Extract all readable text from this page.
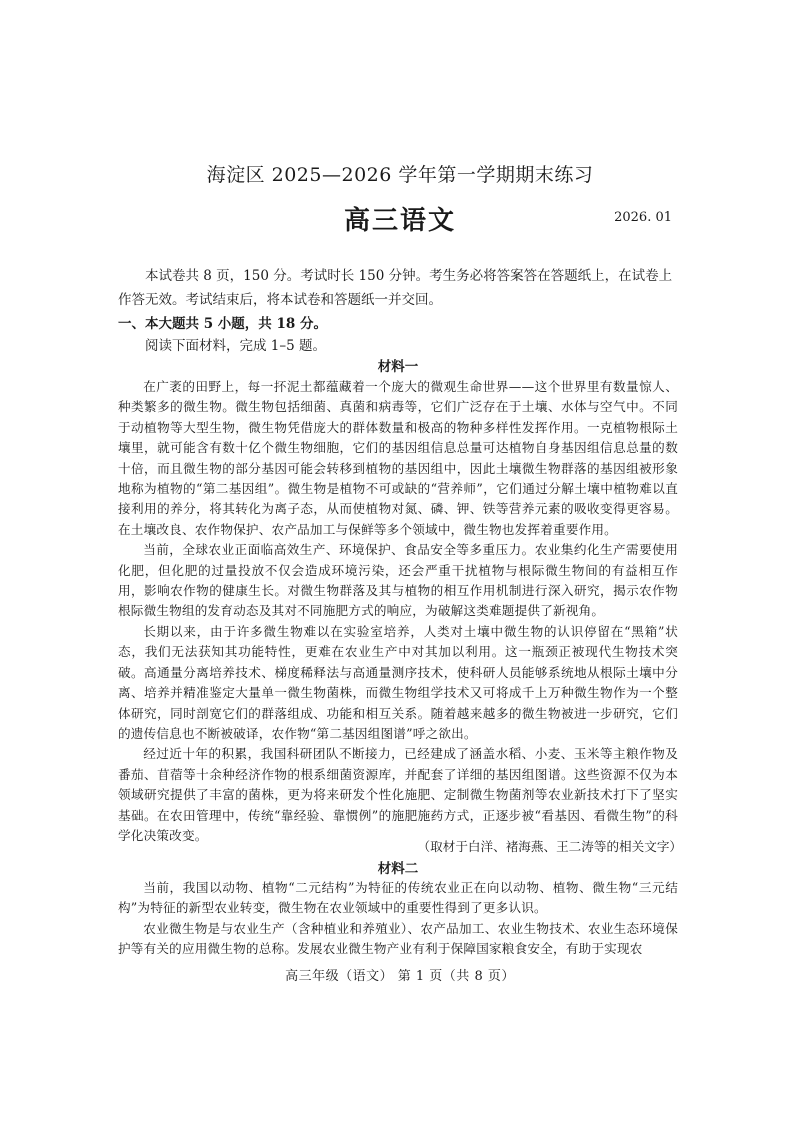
海淀区 2025—2026 学年第一学期期末练习
高三语文	2026. 01
本试卷共 8 页，150 分。考试时长 150 分钟。考生务必将答案答在答题纸上，在试卷上作答无效。考试结束后，将本试卷和答题纸一并交回。
一、本大题共 5 小题，共 18 分。
阅读下面材料，完成 1–5 题。
材料一

在广袤的田野上，每一抔泥土都蕴藏着一个庞大的微观生命世界——这个世界里有数量惊人、种类繁多的微生物。微生物包括细菌、真菌和病毒等，它们广泛存在于土壤、水体与空气中。不同于动植物等大型生物，微生物凭借庞大的群体数量和极高的物种多样性发挥作用。一克植物根际土壤里，就可能含有数十亿个微生物细胞，它们的基因组信息总量可达植物自身基因组信息总量的数十倍，而且微生物的部分基因可能会转移到植物的基因组中，因此土壤微生物群落的基因组被形象地称为植物的“第二基因组”。微生物是植物不可或缺的“营养师”，它们通过分解土壤中植物难以直接利用的养分，将其转化为离子态，从而使植物对氮、磷、钾、铁等营养元素的吸收变得更容易。在土壤改良、农作物保护、农产品加工与保鲜等多个领域中，微生物也发挥着重要作用。

当前，全球农业正面临高效生产、环境保护、食品安全等多重压力。农业集约化生产需要使用化肥，但化肥的过量投放不仅会造成环境污染，还会严重干扰植物与根际微生物间的有益相互作用，影响农作物的健康生长。对微生物群落及其与植物的相互作用机制进行深入研究，揭示农作物根际微生物组的发育动态及其对不同施肥方式的响应，为破解这类难题提供了新视角。

长期以来，由于许多微生物难以在实验室培养，人类对土壤中微生物的认识停留在“黑箱”状态，我们无法获知其功能特性，更难在农业生产中对其加以利用。这一瓶颈正被现代生物技术突破。高通量分离培养技术、梯度稀释法与高通量测序技术，使科研人员能够系统地从根际土壤中分离、培养并精准鉴定大量单一微生物菌株，而微生物组学技术又可将成千上万种微生物作为一个整体研究，同时剖宽它们的群落组成、功能和相互关系。随着越来越多的微生物被进一步研究，它们的遗传信息也不断被破译，农作物“第二基因组图谱”呼之欲出。

经过近十年的积累，我国科研团队不断接力，已经建成了涵盖水稻、小麦、玉米等主粮作物及番茄、苜蓿等十余种经济作物的根系细菌资源库，并配套了详细的基因组图谱。这些资源不仅为本领域研究提供了丰富的菌株，更为将来研发个性化施肥、定制微生物菌剂等农业新技术打下了坚实基础。在农田管理中，传统“靠经验、靠惯例”的施肥施药方式，正逐步被“看基因、看微生物”的科学化决策改变。

（取材于白洋、褚海燕、王二涛等的相关文字）
材料二

当前，我国以动物、植物“二元结构”为特征的传统农业正在向以动物、植物、微生物“三元结构”为特征的新型农业转变，微生物在农业领域中的重要性得到了更多认识。

农业微生物是与农业生产（含种植业和养殖业）、农产品加工、农业生物技术、农业生态环境保护等有关的应用微生物的总称。发展农业微生物产业有利于保障国家粮食安全，有助于实现农

高三年级（语文） 第 1 页（共 8 页）
